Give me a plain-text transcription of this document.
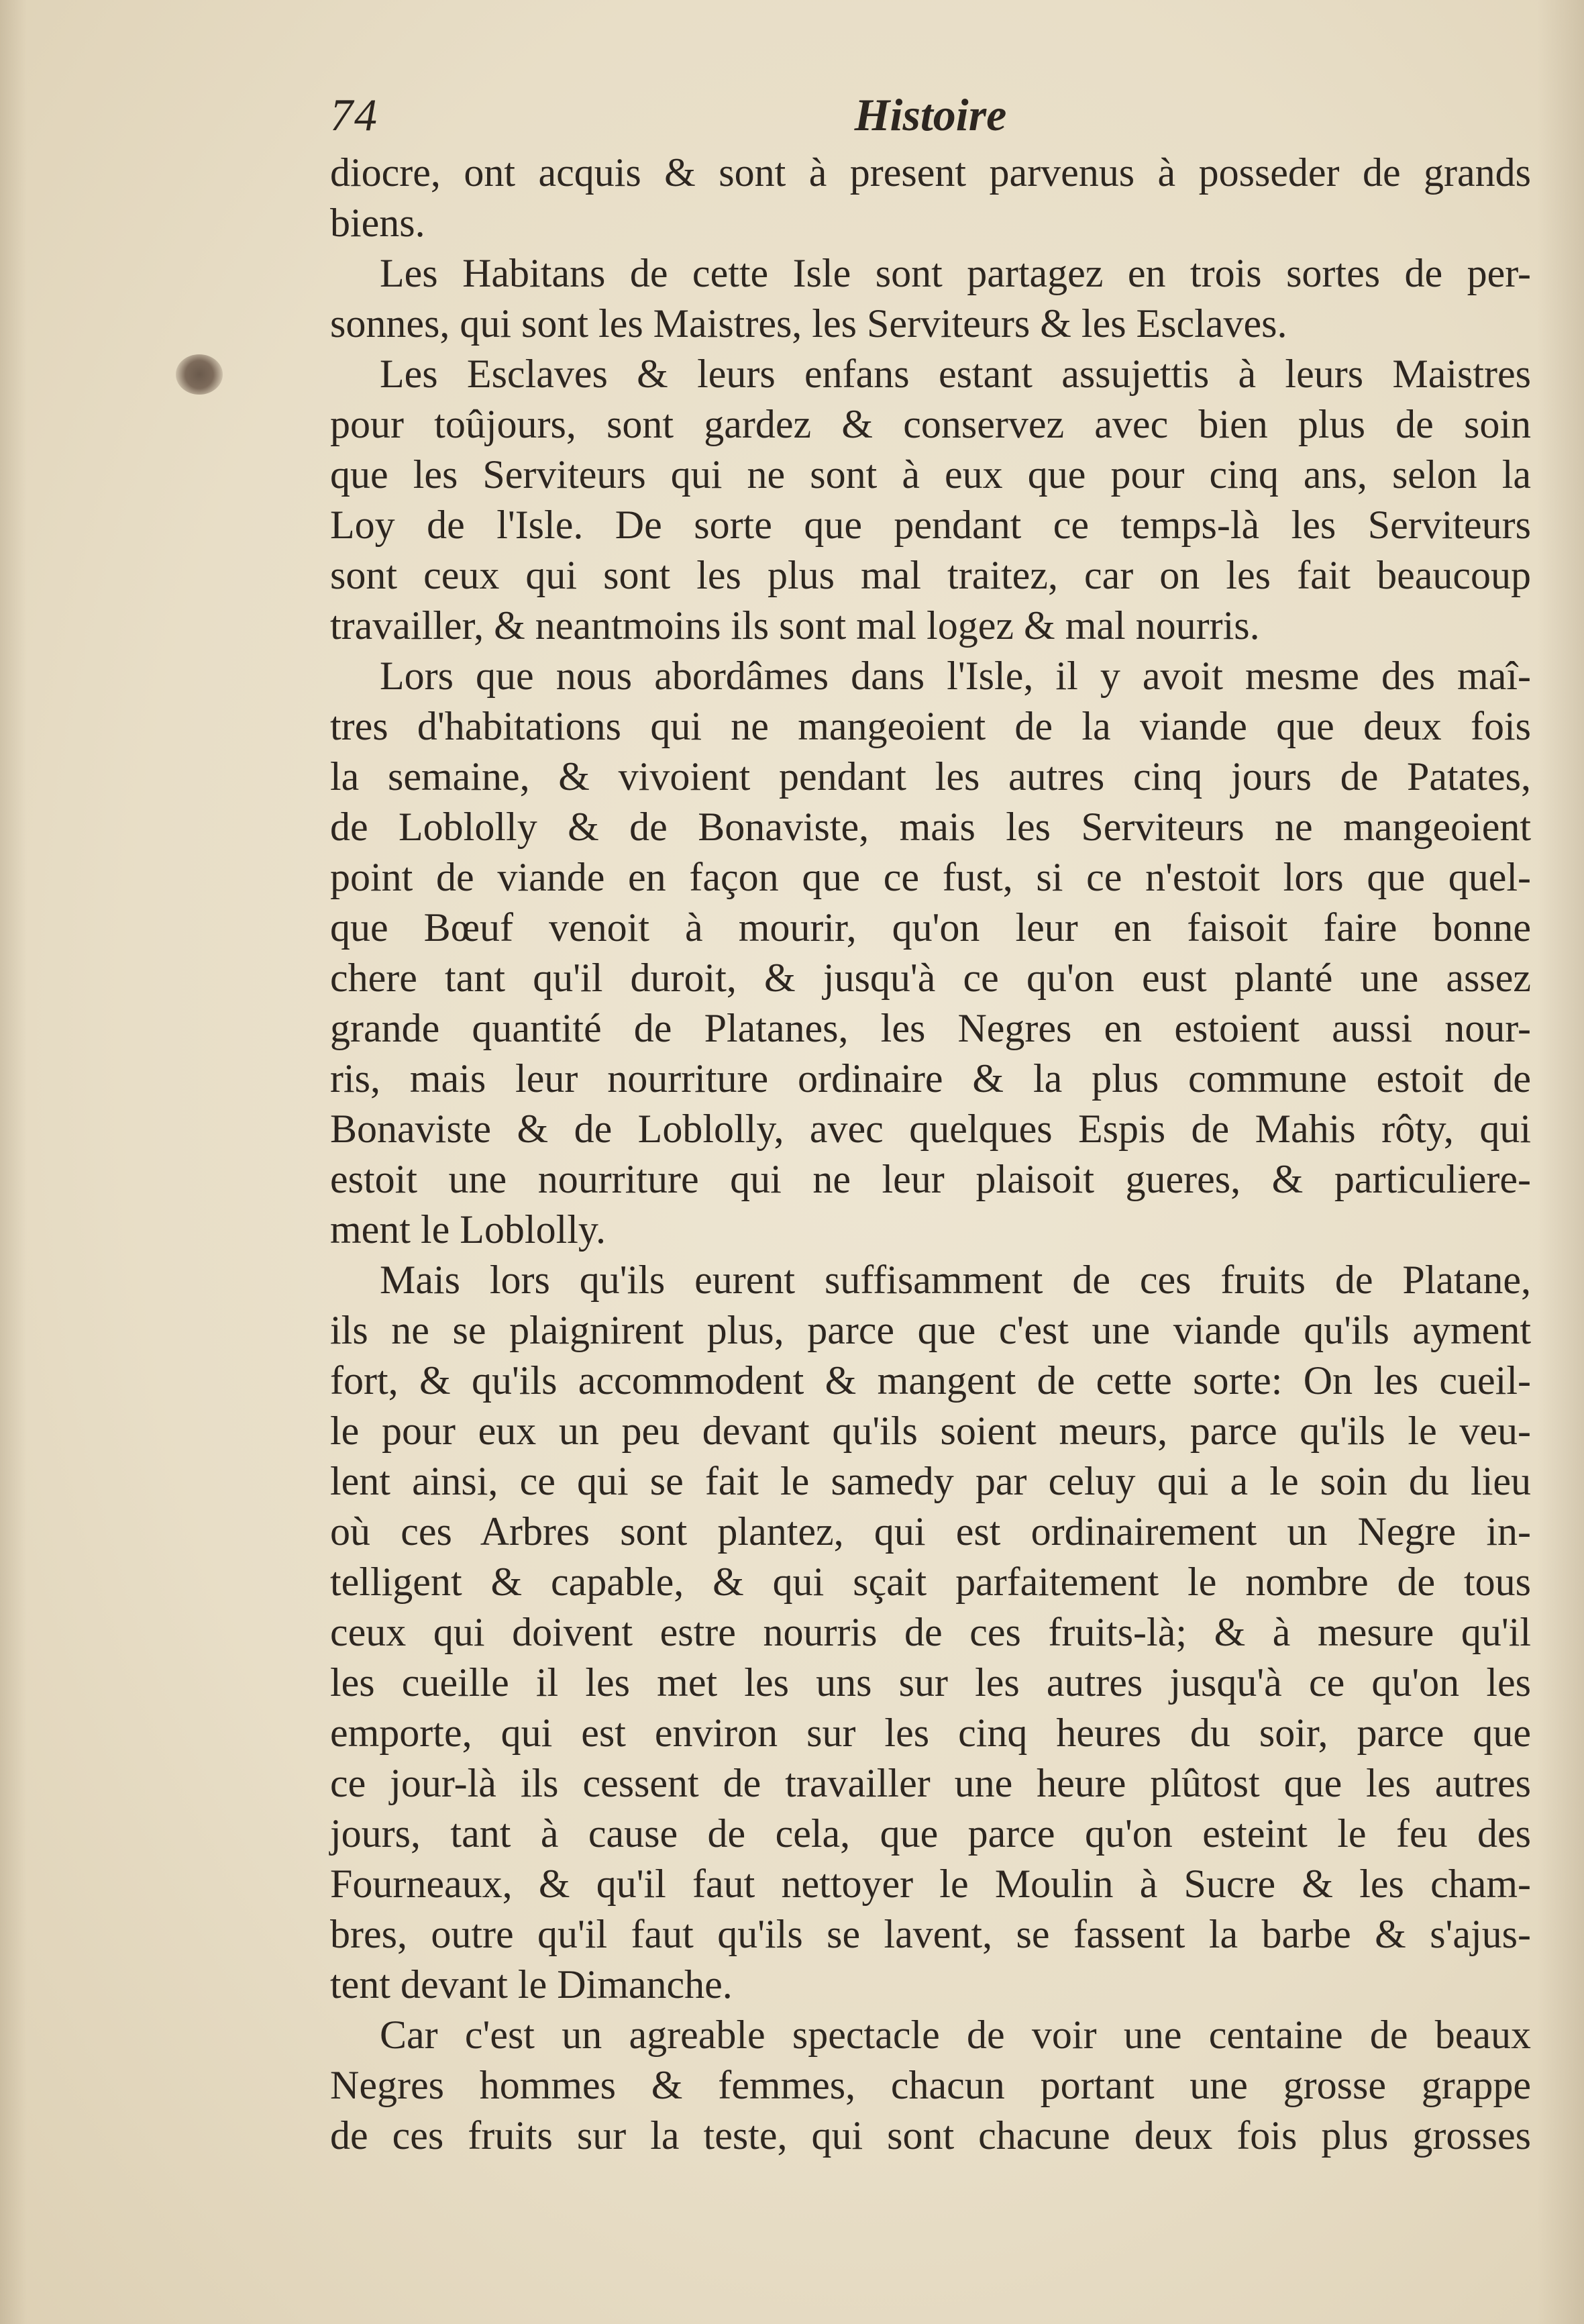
74	Histoire
diocre, ont acquis & sont à present parvenus à posseder de grands
biens.
Les Habitans de cette Isle sont partagez en trois sortes de per-
sonnes, qui sont les Maistres, les Serviteurs & les Esclaves.
Les Esclaves & leurs enfans estant assujettis à leurs Maistres
pour toûjours, sont gardez & conservez avec bien plus de soin
que les Serviteurs qui ne sont à eux que pour cinq ans, selon la
Loy de l'Isle. De sorte que pendant ce temps-là les Serviteurs
sont ceux qui sont les plus mal traitez, car on les fait beaucoup
travailler, & neantmoins ils sont mal logez & mal nourris.
Lors que nous abordâmes dans l'Isle, il y avoit mesme des maî-
tres d'habitations qui ne mangeoient de la viande que deux fois
la semaine, & vivoient pendant les autres cinq jours de Patates,
de Loblolly & de Bonaviste, mais les Serviteurs ne mangeoient
point de viande en façon que ce fust, si ce n'estoit lors que quel-
que Bœuf venoit à mourir, qu'on leur en faisoit faire bonne
chere tant qu'il duroit, & jusqu'à ce qu'on eust planté une assez
grande quantité de Platanes, les Negres en estoient aussi nour-
ris, mais leur nourriture ordinaire & la plus commune estoit de
Bonaviste & de Loblolly, avec quelques Espis de Mahis rôty, qui
estoit une nourriture qui ne leur plaisoit gueres, & particuliere-
ment le Loblolly.
Mais lors qu'ils eurent suffisamment de ces fruits de Platane,
ils ne se plaignirent plus, parce que c'est une viande qu'ils ayment
fort, & qu'ils accommodent & mangent de cette sorte: On les cueil-
le pour eux un peu devant qu'ils soient meurs, parce qu'ils le veu-
lent ainsi, ce qui se fait le samedy par celuy qui a le soin du lieu
où ces Arbres sont plantez, qui est ordinairement un Negre in-
telligent & capable, & qui sçait parfaitement le nombre de tous
ceux qui doivent estre nourris de ces fruits-là; & à mesure qu'il
les cueille il les met les uns sur les autres jusqu'à ce qu'on les
emporte, qui est environ sur les cinq heures du soir, parce que
ce jour-là ils cessent de travailler une heure plûtost que les autres
jours, tant à cause de cela, que parce qu'on esteint le feu des
Fourneaux, & qu'il faut nettoyer le Moulin à Sucre & les cham-
bres, outre qu'il faut qu'ils se lavent, se fassent la barbe & s'ajus-
tent devant le Dimanche.
Car c'est un agreable spectacle de voir une centaine de beaux
Negres hommes & femmes, chacun portant une grosse grappe
de ces fruits sur la teste, qui sont chacune deux fois plus grosses
